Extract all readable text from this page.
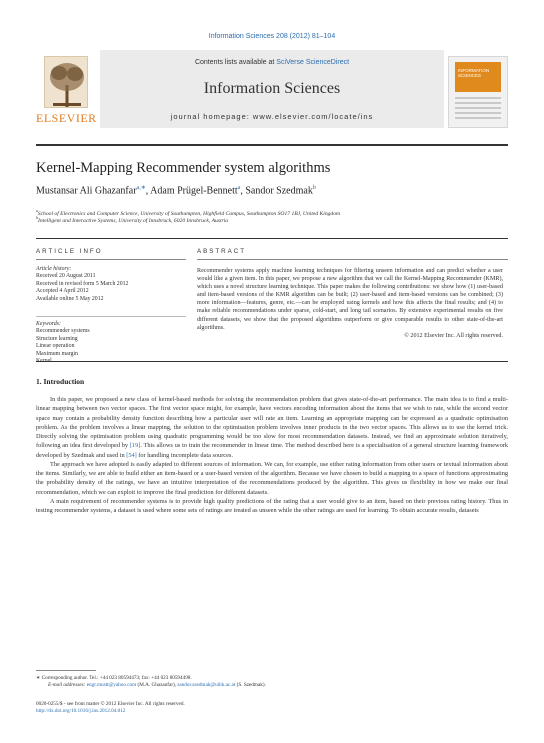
Information Sciences 208 (2012) 81–104
ELSEVIER
Contents lists available at SciVerse ScienceDirect
Information Sciences
journal homepage: www.elsevier.com/locate/ins
INFORMATION SCIENCES
Kernel-Mapping Recommender system algorithms
Mustansar Ali Ghazanfar$^{a,∗}$, Adam Prügel-Bennett$^a$, Sandor Szedmak$^b$
$^a$School of Electronics and Computer Science, University of Southampton, Highfield Campus, Southampton SO17 1BJ, United Kingdom
$^b$Intelligent and Interactive Systems, University of Innsbruck, 6020 Innsbruck, Austria
ARTICLE INFO	ABSTRACT
Article history:
Received 20 August 2011
Received in revised form 5 March 2012
Accepted 4 April 2012
Available online 5 May 2012
Keywords:
Recommender systems
Structure learning
Linear operation
Maximum margin
Recommender systems apply machine learning techniques for filtering unseen information and can predict whether a user would like a given item. In this paper, we propose a new algorithm that we call the Kernel-Mapping Recommender (KMR), which uses a novel structure learning technique. This paper makes the following contributions: we show how (1) user-based and item-based versions of the KMR algorithm can be built; (2) user-based and item-based versions can be combined; (3) more information—features, genre, etc.—can be employed using kernels and how this affects the final results; and (4) to make reliable recommendations under sparse, cold-start, and long tail scenarios. By extensive experimental results on five different datasets, we show that the proposed algorithms outperform or give comparable results to other state-of-the-art algorithms.
© 2012 Elsevier Inc. All rights reserved.
1. Introduction

In this paper, we proposed a new class of kernel-based methods for solving the recommendation problem that gives state-of-the-art performance. The main idea is to find a multi-linear mapping between two vector spaces. The first vector space might, for example, have vectors encoding information about the items that we wish to rate, while the second vector space may contain a probability density function describing how a particular user will rate an item. Learning an appropriate mapping can be expressed as a quadratic optimisation problem. As the problem involves a linear mapping, the solution to the optimisation problem involves inner products in the two vector spaces. This allows us to use the kernel trick. Directly solving the optimisation problem using quadratic programming would be too slow for most recommendation datasets. Instead, we find an approximate solution iteratively, following an idea first developed by [19]. This allows us to train the recommender in linear time. The method described here is a specialisation of a general structure learning framework developed by Szedmak and used in [54] for handling incomplete data sources.

The approach we have adopted is easily adapted to different sources of information. We can, for example, use either rating information from other users or textual information about the items. Similarly, we are able to build either an item-based or a user-based version of the algorithm. Because we have chosen to build a mapping to a space of functions approximating the probability density of the ratings, we have an intuitive interpretation of the recommendations produced by the algorithm. This gives us flexibility in how we make our final recommendation, which we can exploit to improve the final prediction for different datasets.

A main requirement of recommender systems is to provide high quality predictions of the rating that a user would give to an item, based on their previous rating history. Thus in testing recommender systems, a dataset is used where some sets of ratings are treated as unseen while the other ratings are used for learning. To obtain accurate results, datasets

∗ Corresponding author. Tel.: +44 023 80594473; fax: +44 023 80594498.
E-mail addresses: engr.mustt@yahoo.com (M.A. Ghazanfar), sandor.szedmak@uibk.ac.at (S. Szedmak).
0020-0255/$ - see front matter © 2012 Elsevier Inc. All rights reserved.
http://dx.doi.org/10.1016/j.ins.2012.04.012
